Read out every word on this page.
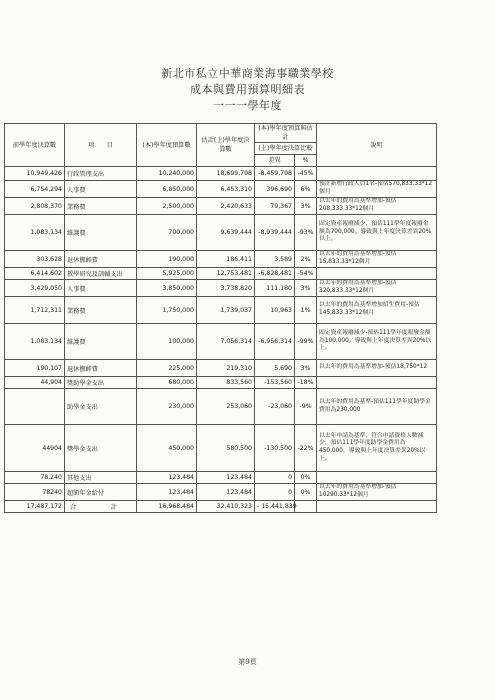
新北市私立中華商業海事職業學校
成本與費用預算明細表
一一一學年度
前學年度決算數	項　　目	(本)學年度預算數	估計(上)學年度決算數	(本)學年度預算與估計		說明
				(上)學年度決算比較		
				差異	%	
10,949,426	行政管理支出	10,240,000	18,699,798	-8,459,798	-45%	
6,754,294	人事費	6,850,000	6,453,310	396,690	6%	預計新增行政人員1名-預估570,833.33*12個月
2,808,370	業務費	2,500,000	2,420,633	79,367	3%	以去年的費用為基準增加-預估208,333.33*12個月
1,083,134	維護費	700,000	9,639,444	-8,939,444	-93%	固定資產報廢減少，預估111學年度報廢金額為700,000。導致與上年度決算差異20%以上。
303,628	退休撫卹費	190,000	186,411	3,589	2%	以去年的費用為基準增加-預估15,833.33*12個月
6,414,602	教學研究及訓輔支出	5,925,000	12,753,481	-6,828,481	-54%	
3,429,050	人事費	3,850,000	3,738,820	111,180	3%	以去年的費用為基準增加-預估320,833.33*12個月
1,712,311	業務費	1,750,000	1,739,037	10,963	1%	以去年的費用為基準增加招生費用-預估145,833.33*12個月
1,083,134	維護費	100,000	7,056,314	-6,956,314	-99%	固定資產報廢減少-預估111學年度報廢金額為100,000。導致與上年度決算差異20%以上。
190,107	退休撫卹費	225,000	219,310	5,690	3%	以去年的費用為基準增加-預估18,750*12
44,904	獎助學金支出	680,000	833,560	-153,560	-18%	
	助學金支出	230,000	253,060	-23,060	-9%	以去年的費用為基準-預估111學年度助學金費用為230,000
44904	獎學金支出	450,000	580,500	-130,500	-22%	以去年申請為基準，符合申請資格人數減少，預估111學年度助學金費用為450,000，導致與上年度決算差異20%以上。
78,240	其他支出	123,484	123,484	0	0%	
78240	超額年金給付	123,484	123,484	0	0%	以去年的費用為基準增加-預估10290.33*12個月
17,487,172	合　計	16,968,484	32,410,323	- 15,441,839		
第9頁
